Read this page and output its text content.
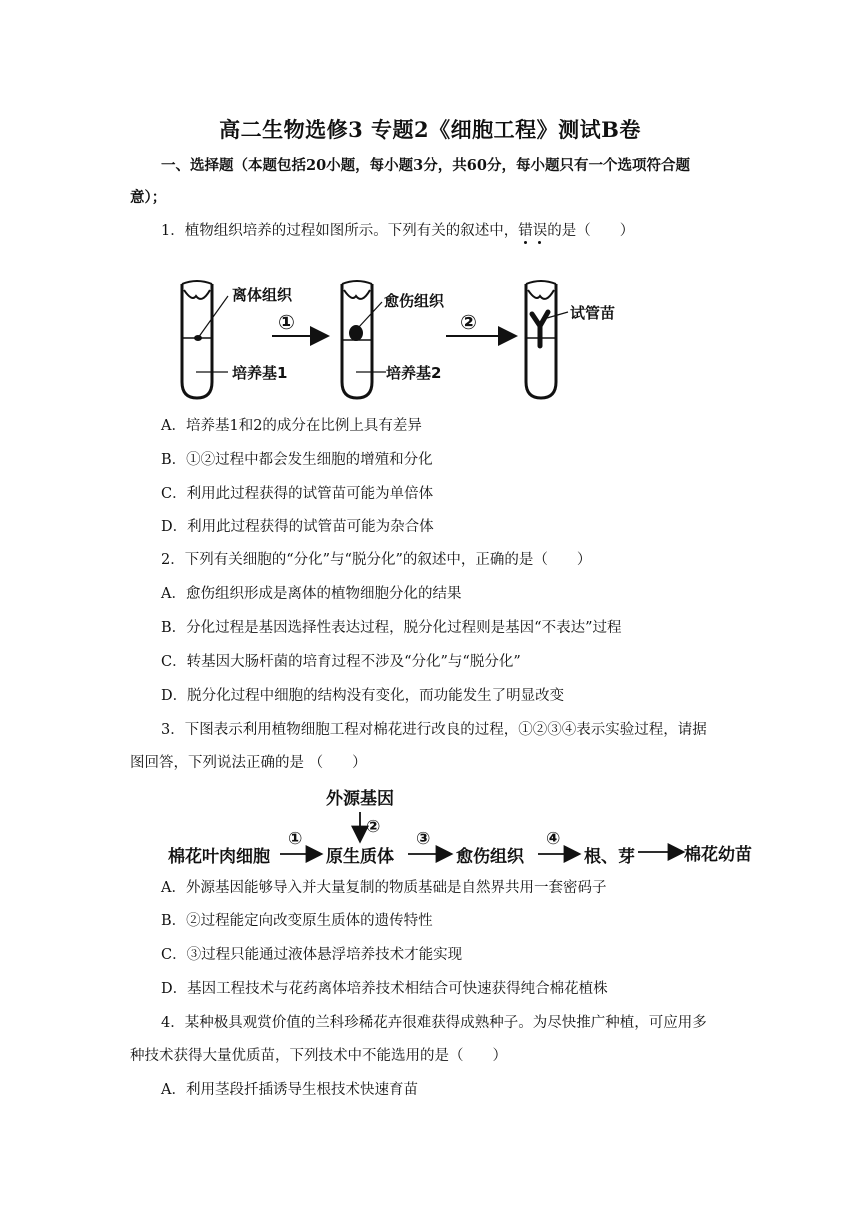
高二生物选修3 专题2《细胞工程》测试B卷
一、选择题（本题包括20小题，每小题3分，共60分，每小题只有一个选项符合题
意）；
1．植物组织培养的过程如图所示。下列有关的叙述中，错误的是（　　）
离体组织
培养基1
①
愈伤组织
培养基2
②	试管苗
A．培养基1和2的成分在比例上具有差异
B．①②过程中都会发生细胞的增殖和分化
C．利用此过程获得的试管苗可能为单倍体
D．利用此过程获得的试管苗可能为杂合体
2．下列有关细胞的“分化”与“脱分化”的叙述中，正确的是（　　）
A．愈伤组织形成是离体的植物细胞分化的结果
B．分化过程是基因选择性表达过程，脱分化过程则是基因“不表达”过程
C．转基因大肠杆菌的培育过程不涉及“分化”与“脱分化”
D．脱分化过程中细胞的结构没有变化，而功能发生了明显改变
3．下图表示利用植物细胞工程对棉花进行改良的过程，①②③④表示实验过程，请据
图回答，下列说法正确的是 （　　）
外源基因
②
棉花叶肉细胞
①
原生质体
③
愈伤组织
④
根、芽	棉花幼苗
A．外源基因能够导入并大量复制的物质基础是自然界共用一套密码子
B．②过程能定向改变原生质体的遗传特性
C．③过程只能通过液体悬浮培养技术才能实现
D．基因工程技术与花药离体培养技术相结合可快速获得纯合棉花植株
4．某种极具观赏价值的兰科珍稀花卉很难获得成熟种子。为尽快推广种植，可应用多
种技术获得大量优质苗，下列技术中不能选用的是（　　）
A．利用茎段扦插诱导生根技术快速育苗
